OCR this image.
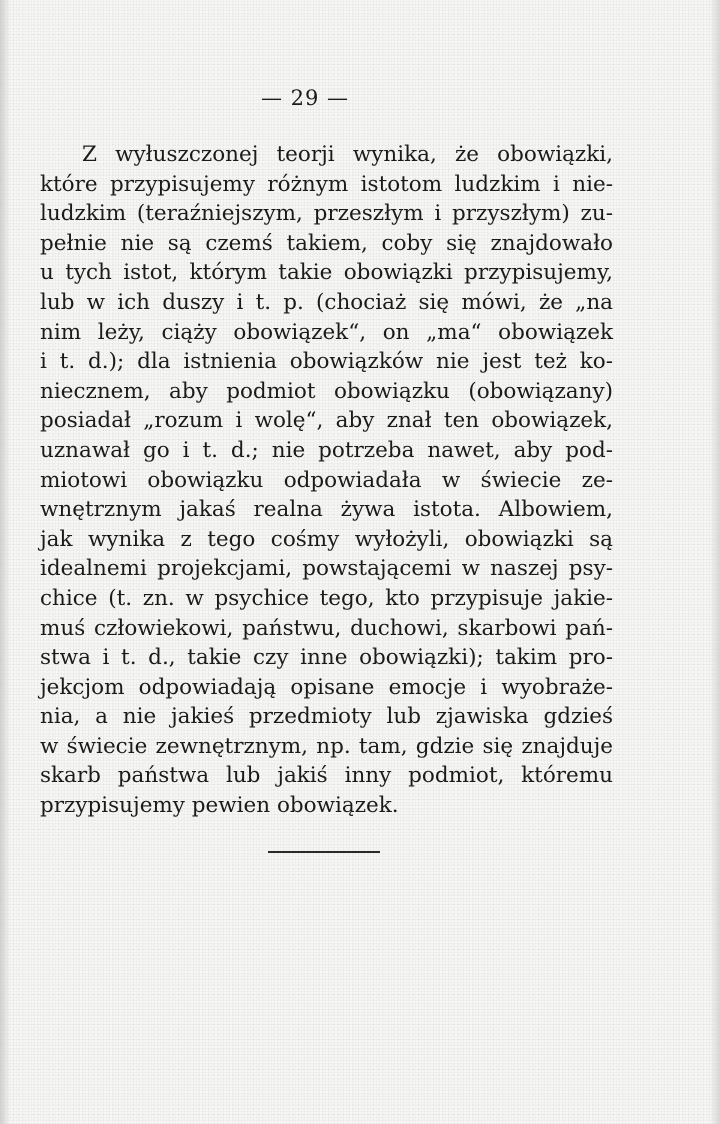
— 29 —

Z wyłuszczonej teorji wynika, że obowiązki,
które przypisujemy różnym istotom ludzkim i nie-
ludzkim (teraźniejszym, przeszłym i przyszłym) zu-
pełnie nie są czemś takiem, coby się znajdowało
u tych istot, którym takie obowiązki przypisujemy,
lub w ich duszy i t. p. (chociaż się mówi, że „na
nim leży, ciąży obowiązek“, on „ma“ obowiązek
i t. d.); dla istnienia obowiązków nie jest też ko-
niecznem, aby podmiot obowiązku (obowiązany)
posiadał „rozum i wolę“, aby znał ten obowiązek,
uznawał go i t. d.; nie potrzeba nawet, aby pod-
miotowi obowiązku odpowiadała w świecie ze-
wnętrznym jakaś realna żywa istota. Albowiem,
jak wynika z tego cośmy wyłożyli, obowiązki są
idealnemi projekcjami, powstającemi w naszej psy-
chice (t. zn. w psychice tego, kto przypisuje jakie-
muś człowiekowi, państwu, duchowi, skarbowi pań-
stwa i t. d., takie czy inne obowiązki); takim pro-
jekcjom odpowiadają opisane emocje i wyobraże-
nia, a nie jakieś przedmioty lub zjawiska gdzieś
w świecie zewnętrznym, np. tam, gdzie się znajduje
skarb państwa lub jakiś inny podmiot, któremu
przypisujemy pewien obowiązek.
